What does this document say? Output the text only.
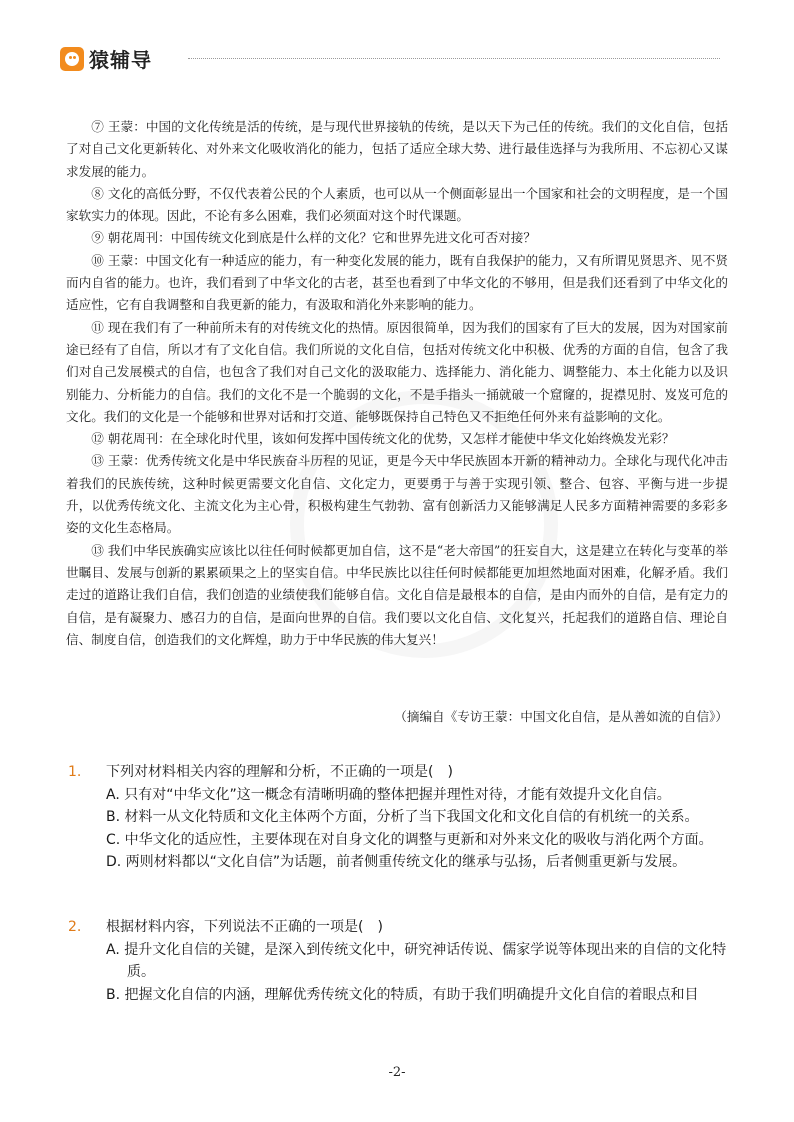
猿辅导

⑦ 王蒙：中国的文化传统是活的传统，是与现代世界接轨的传统，是以天下为己任的传统。我们的文化自信，包括了对自己文化更新转化、对外来文化吸收消化的能力，包括了适应全球大势、进行最佳选择与为我所用、不忘初心又谋求发展的能力。

⑧ 文化的高低分野，不仅代表着公民的个人素质，也可以从一个侧面彰显出一个国家和社会的文明程度，是一个国家软实力的体现。因此，不论有多么困难，我们必须面对这个时代课题。

⑨ 朝花周刊：中国传统文化到底是什么样的文化？它和世界先进文化可否对接？

⑩ 王蒙：中国文化有一种适应的能力，有一种变化发展的能力，既有自我保护的能力，又有所谓见贤思齐、见不贤而内自省的能力。也许，我们看到了中华文化的古老，甚至也看到了中华文化的不够用，但是我们还看到了中华文化的适应性，它有自我调整和自我更新的能力，有汲取和消化外来影响的能力。

⑪ 现在我们有了一种前所未有的对传统文化的热情。原因很简单，因为我们的国家有了巨大的发展，因为对国家前途已经有了自信，所以才有了文化自信。我们所说的文化自信，包括对传统文化中积极、优秀的方面的自信，包含了我们对自己发展模式的自信，也包含了我们对自己文化的汲取能力、选择能力、消化能力、调整能力、本土化能力以及识别能力、分析能力的自信。我们的文化不是一个脆弱的文化，不是手指头一捅就破一个窟窿的，捉襟见肘、岌岌可危的文化。我们的文化是一个能够和世界对话和打交道、能够既保持自己特色又不拒绝任何外来有益影响的文化。

⑫ 朝花周刊：在全球化时代里，该如何发挥中国传统文化的优势，又怎样才能使中华文化始终焕发光彩？

⑬ 王蒙：优秀传统文化是中华民族奋斗历程的见证，更是今天中华民族固本开新的精神动力。全球化与现代化冲击着我们的民族传统，这种时候更需要文化自信、文化定力，更要勇于与善于实现引领、整合、包容、平衡与进一步提升，以优秀传统文化、主流文化为主心骨，积极构建生气勃勃、富有创新活力又能够满足人民多方面精神需要的多彩多姿的文化生态格局。

⑬ 我们中华民族确实应该比以往任何时候都更加自信，这不是“老大帝国”的狂妄自大，这是建立在转化与变革的举世瞩目、发展与创新的累累硕果之上的坚实自信。中华民族比以往任何时候都能更加坦然地面对困难，化解矛盾。我们走过的道路让我们自信，我们创造的业绩使我们能够自信。文化自信是最根本的自信，是由内而外的自信，是有定力的自信，是有凝聚力、感召力的自信，是面向世界的自信。我们要以文化自信、文化复兴，托起我们的道路自信、理论自信、制度自信，创造我们的文化辉煌，助力于中华民族的伟大复兴！

（摘编自《专访王蒙：中国文化自信，是从善如流的自信》）
1. 下列对材料相关内容的理解和分析，不正确的一项是(　)
A. 只有对“中华文化”这一概念有清晰明确的整体把握并理性对待，才能有效提升文化自信。
B. 材料一从文化特质和文化主体两个方面，分析了当下我国文化和文化自信的有机统一的关系。
C. 中华文化的适应性，主要体现在对自身文化的调整与更新和对外来文化的吸收与消化两个方面。
D. 两则材料都以“文化自信”为话题，前者侧重传统文化的继承与弘扬，后者侧重更新与发展。
2. 根据材料内容，下列说法不正确的一项是(　)
A. 提升文化自信的关键，是深入到传统文化中，研究神话传说、儒家学说等体现出来的自信的文化特质。
B. 把握文化自信的内涵，理解优秀传统文化的特质，有助于我们明确提升文化自信的着眼点和目
-2-
